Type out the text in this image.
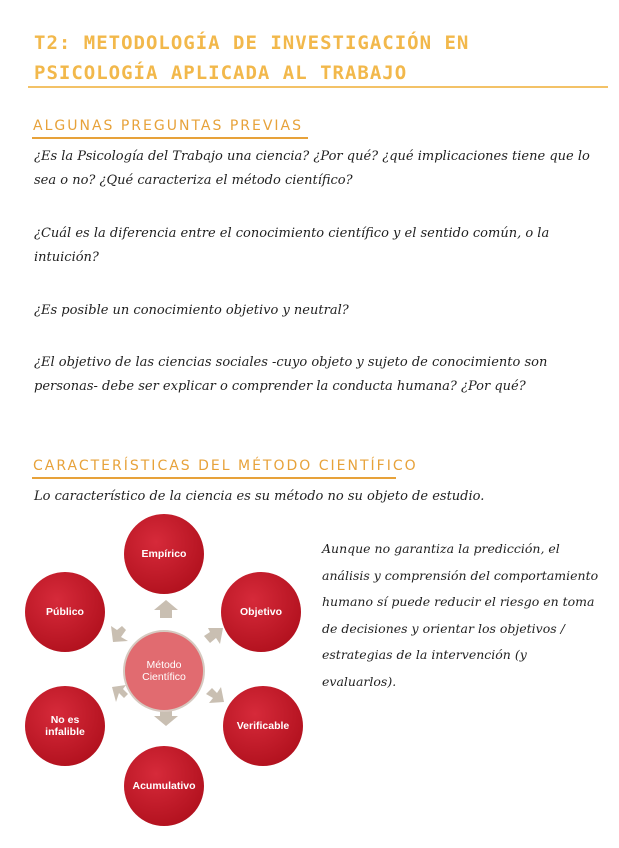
T2: METODOLOGÍA DE INVESTIGACIÓN EN PSICOLOGÍA APLICADA AL TRABAJO
ALGUNAS PREGUNTAS PREVIAS
¿Es la Psicología del Trabajo una ciencia? ¿Por qué? ¿qué implicaciones tiene que lo sea o no? ¿Qué caracteriza el método científico?
¿Cuál es la diferencia entre el conocimiento científico y el sentido común, o la intuición?
¿Es posible un conocimiento objetivo y neutral?
¿El objetivo de las ciencias sociales -cuyo objeto y sujeto de conocimiento son personas- debe ser explicar o comprender la conducta humana? ¿Por qué?
CARACTERÍSTICAS DEL MÉTODO CIENTÍFICO
Lo característico de la ciencia es su método no su objeto de estudio.
Empírico
Objetivo
Verificable
Acumulativo
No es infalible
Público
Método Científico
Aunque no garantiza la predicción, el análisis y comprensión del comportamiento humano sí puede reducir el riesgo en toma de decisiones y orientar los objetivos / estrategias de la intervención (y evaluarlos).
